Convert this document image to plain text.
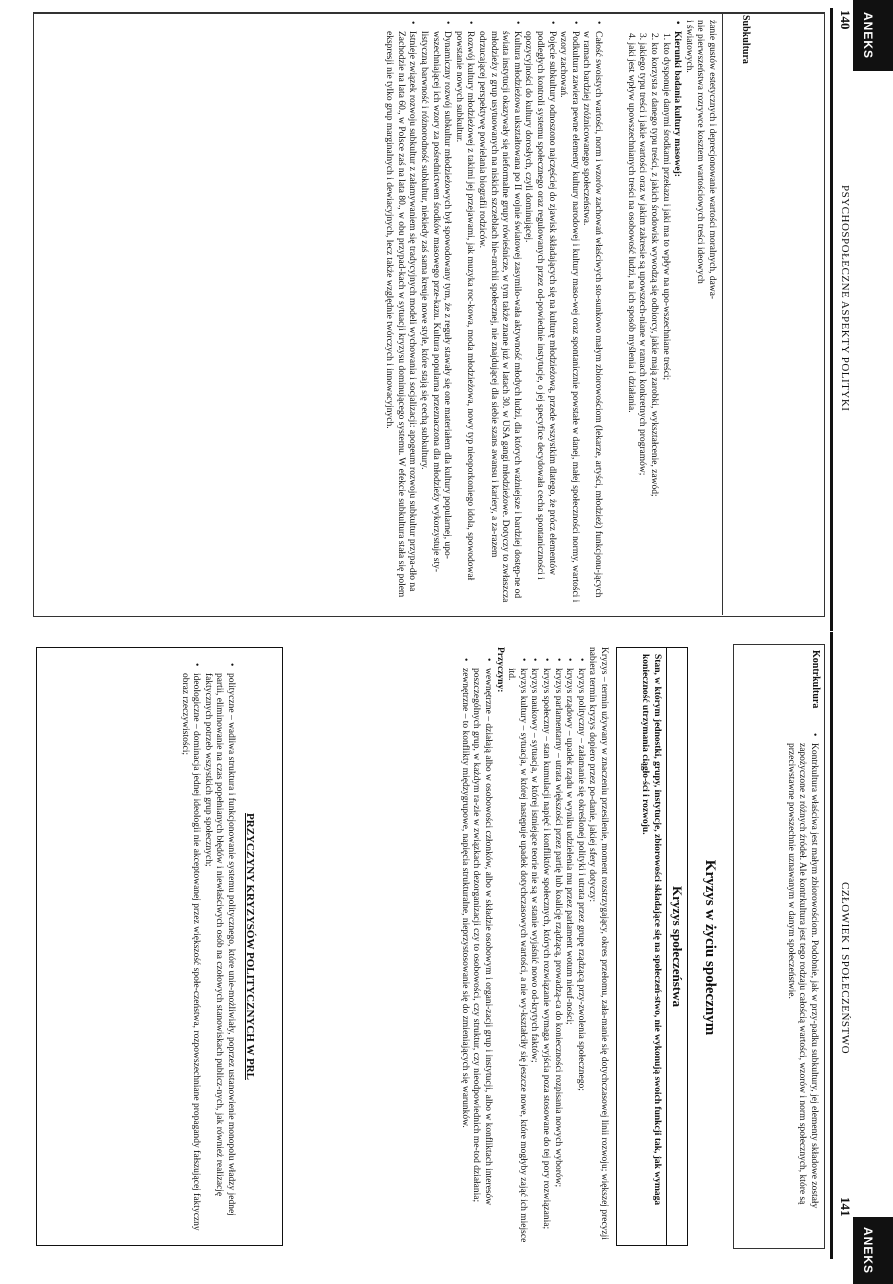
140
PSYCHOSPOŁECZNE ASPEKTY POLITYKI
ANEKS

żanie gustów estetycznych i deprecjonowanie wartości moralnych, dawa-

nie pierwszeństwa rozrywce kosztem wartościowych treści ideowych

i światowych.

• Kierunki badania kultury masowej:

1. kto dysponuje danymi środkami przekazu i jaki ma to wpływ na upo-wszechniane treści;

2. kto korzysta z danego typu treści, z jakich środowisk wywodzą się odbiorcy, jakie mają zarobki, wykształcenie, zawód;

3. jakiego typu treści i jakie wartości oraz w jakim zakresie są upowszech-niane w ramach konkretnych programów;

4. jaki jest wpływ upowszechnianych treści na osobowość ludzi, na ich sposób myślenia i działania.	Subkultura

• Całość swoistych wartości, norm i wzorów zachowań właściwych sto-sunkowo małym zbiorowościom (lekarze, artyści, młodzież) funkcjonu-jących w ramach bardziej zróżnicowanego społeczeństwa.

• Podkultura zawiera pewne elementy kultury narodowej i kultury maso-wej oraz spontanicznie powstałe w danej, małej społeczności normy, wartości i wzory zachowań.

• Pojęcie subkultury odnoszono najczęściej do zjawisk składających się na kulturę młodzieżową, przede wszystkim dlatego, że prócz elementów podległych kontroli systemu społecznego oraz regulowanych przez od-powiednie instytucje, o jej specyfice decydowała cecha spontaniczności i opozycyjności do kultury dorosłych, czyli dominującej.

• Kultura młodzieżowa ukształtowana po II wojnie światowej zasymilo-wała aktywność młodych ludzi, dla których ważniejsze i bardziej dostęp-ne od świata instytucji okazywały się nieformalne grupy rówieśnicze, w tym także znane już w latach 30. w USA gangi młodzieżowe. Dotyczy to zwłaszcza młodzieży z grup usytuowanych na niskich szczeblach hie-rarchii społecznej, nie znajdującej dla siebie szans awansu i kariery, a za-razem odrzucającej perspektywę powielania biografii rodziców.

• Rozwój kultury młodzieżowej z takimi jej przejawami, jak muzyka roc-kowa, moda młodzieżowa, nowy typ nieoporkoniego idola, spowodował powstanie nowych subkultur.

• Dynamiczny rozwój subkultur młodzieżowych był spowodowany tym, że z reguły stawały się one materiałem dla kultury popularnej, upo-wszechniającej ich wzory za pośrednictwem środków masowego prze-kazu. Kultura popularna przeznaczona dla młodzieży wykorzystuje sty-listyczną barwność i różnorodność subkultur, niekiedy zaś sama kreuje nowe style, które stają się cechą subkultury.

• Istnieje związek rozwoju subkultur z załamywaniem się tradycyjnych modeli wychowania i socjalizacji: apogeum rozwoju subkultur przypa-dło na Zachodzie na lata 60., w Polsce zaś na lata 80., w obu przypad-kach w sytuacji kryzysu dominującego systemu. W efekcie subkultura stała się polem ekspresji nie tylko grup marginalnych i dewiacyjnych, lecz także względnie twórczych i innowacyjnych.

CZŁOWIEK I SPOŁECZEŃSTWO
141
ANEKS
Kontrkultura
• Kontrkultura właściwa jest małym zbiorowościom. Podobnie, jak w przy-padku subkultury, jej elementy składowe zostały zapożyczone z różnych źródeł. Ale kontrkultura jest tego rodzaju całością wartości, wzorów i norm społecznych, które są przeciwstawne powszechnie uznawanym w danym społeczeństwie.
Kryzys w życiu społecznym
Kryzys społeczeństwa
Stan, w którym jednostki, grupy, instytucje, zbiorowości składające się na społeczeń-stwo, nie wykonują swoich funkcji tak, jak wymaga konieczność utrzymania ciągło-ści i rozwoju.

Kryzys – termin używany w znaczeniu przesilenie, moment rozstrzygający, okres przełomu, zała-manie się dotychczasowej linii rozwoju; większej precyzji nabiera termin kryzys dopiero przez po-danie, jakiej sfery dotyczy:

• kryzys polityczny – załamanie się określonej polityki i utrata przez grupę rządzącą przy-zwolenia społecznego;

• kryzys rządowy – upadek rządu w wyniku udzielenia mu przez parlament wotum nieuf-ności;

• kryzys parlamentarny – utrata większości przez partię lub koalicję rządzącą, prowadzą-ca do konieczności rozpisania nowych wyborów;

• kryzys społeczny – stan kumulacji napięć i konfliktów społecznych, których rozwiązanie wymaga wyjścia poza stosowane do tej pory rozwiązania;

• kryzys naukowy – sytuacja, w której istniejące teorie nie są w stanie wyjaśnić nowo od-krytych faktów;

• kryzys kultury – sytuacja, w której następuje upadek dotychczasowych wartości, a nie wy-kształciły się jeszcze nowe, które mogłyby zająć ich miejsce itd.

Przyczyny:

• wewnętrzne – działają albo w osobowości członków, albo w składzie osobowym i organi-zacji grup i instytucji, albo w konfliktach interesów poszczególnych grup, w każdym ra-zie w związkach dezorganizacji czy to osobowości, czy struktur, czy nieodpowiednich me-tod działania;

• zewnętrzne – to konflikty międzygrupowe, napięcia strukturalne, nieprzystosowanie się do zmieniających się warunków.

PRZYCZYNY KRYZYSÓW POLITYCZNYCH W PRL

• polityczne – wadliwa struktura i funkcjonowanie systemu politycznego, które unie-możliwiały, poprzez ustanowienie monopolu władzy jednej partii, eliminowanie na czas popełnianych błędów i niewłaściwych osób na czołowych stanowiskach publicz-nych, jak również realizację faktycznych potrzeb wszystkich grup społecznych;

• ideologiczne – dominacja jednej ideologii nie akceptowanej przez większość społe-czeństwa, rozpowszechniane propagandy fałszującej faktyczny obraz rzeczywistości;
